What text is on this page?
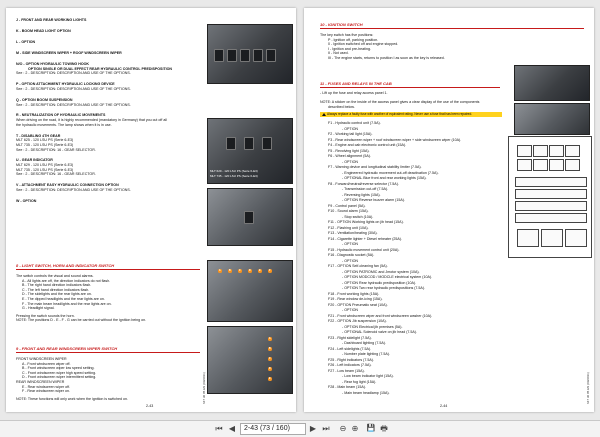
J - FRONT AND REAR WORKING LIGHTS
K - BOOM HEAD LIGHT OPTION
L - OPTION
M - SIDE WINDSCREEN WIPER + ROOF WINDSCREEN WIPER
N/O - OPTION HYDRAULIC TOWING HOOK
OPTION SINGLE OR DUAL EFFECT REAR HYDRAULIC CONTROL PREDISPOSITION
See : 2 - DESCRIPTION: DESCRIPTION AND USE OF THE OPTIONS.
P - OPTION ATTACHMENT HYDRAULIC LOCKING DEVICE
See : 2 - DESCRIPTION: DESCRIPTION AND USE OF THE OPTIONS.
Q - OPTION BOOM SUSPENSION
See : 2 - DESCRIPTION: DESCRIPTION AND USE OF THE OPTIONS.
R - NEUTRALIZATION OF HYDRAULIC MOVEMENTS
When driving on the road, it is highly recommended (mandatory in Germany) that you cut off all
the hydraulic movements. The lamp shows when it is in use.
T - DISABLING 4TH GEAR
MLT 625 - 120 LSU PS (Serie 6-E3)
MLT 735 - 120 LSU PS (Serie 6-E3)
See : 2 - DESCRIPTION: 16 - GEAR SELECTOR.
U - GEAR INDICATOR
MLT 629 - 120 LSU PS (Serie 6-E3)
MLT 735 - 120 LSU PS (Serie 6-E3)
See : 2 - DESCRIPTION: 16 - GEAR SELECTOR.
V - ATTACHMENT EASY HYDRAULIC CONNECTION OPTION
See : 2 - DESCRIPTION: DESCRIPTION AND USE OF THE OPTIONS.
W - OPTION
MLT 629 - 120 LSU PS (Serie 6-E3)
MLT 735 - 120 LSU PS (Serie 6-E3)
A	B	C	D	E	F
A
B
C
D
E
8 - LIGHT SWITCH, HORN AND INDICATOR SWITCH
The switch controls the visual and sound alarms.
A - All lights are off, the direction indicators do not flash.
B - The right hand direction indicators flash.
C - The left hand direction indicators flash.
D - The sidelights and the rear lights are on.
E - The dipped headlights and the rear lights are on.
F - The main beam headlights and the rear lights are on.
G - Headlight signal.
Pressing the switch sounds the horn.
NOTE: The positions D - E - F - G can be carried out without the ignition being on.
9 - FRONT AND REAR WINDSCREEN WIPER SWITCH
FRONT WINDSCREEN WIPER
A - Front windscreen wiper off.
B - Front windscreen wiper low speed setting.
C - Front windscreen wiper high speed setting.
D - Front windscreen wiper intermittent setting.
REAR WINDSCREEN WIPER
E - Rear windscreen wiper off.
F - Rear windscreen wiper on.
NOTE: These functions will only work when the ignition is switched on.	647 30 05 EN (09/2011)
2-43
10 - IGNITION SWITCH
The key switch has five positions:
P - Ignition off, parking position.
0 - Ignition switched off and engine stopped.
I - Ignition and pre-heating.
II - Not used.
III - The engine starts, returns to position I as soon as the key is released.
11 - FUSES AND RELAYS IN THE CAB
- Lift up the fuse and relay access panel 1.
NOTE: A sticker on the inside of the access panel gives a clear display of the use of the components
described below.
Always replace a faulty fuse with another of equivalent rating. Never use a fuse that has been repaired.
F1 - Hydraulic control unit (7.5A).
- OPTION
F2 - Working tail light (15A).
F3 - Rear windscreen wiper + roof windscreen wiper + side windscreen wiper (10A).
F4 - Engine and cab electronic control unit (15A).
F5 - Revolving light (15A).
F6 - Wheel alignment (5A).
- OPTION
F7 - Warning device and longitudinal stability limiter (7.5A).
- Engineered hydraulic movement cut-off deactivation (7.5A).
- OPTIONAL Blue front and rear working lights (15A).
F8 - Forward/neutral/reverse selector (7.5A).
- Transmission cut-off (7.5A).
- Reversing lights (15A).
- OPTION Reverse buzzer alarm (15A).
F9 - Control panel (5A).
F10 - Sound alarm (15A).
- Stop switch (10A).
F11 - OPTION Working lights on jib head (15A).
F12 - Flashing unit (10A).
F13 - Ventilation/heating (30A).
F14 - Cigarette lighter + Diesel reheater (25A).
- OPTION
F15 - Hydraulic movement control unit (20A).
F16 - Diagnostic socket (5A).
- OPTION
F17 - OPTION Self-cleaning fan (5A).
- OPTION PATROMIC and Jmotor system (10A).
- OPTION MODCOD / MODCLE electrical system (10A).
- OPTION Rear hydraulic predisposition (10A).
- OPTION Two rear hydraulic predispositions (7.5A).
F18 - Front working lights (15A).
F19 - Rear window de-icing (15A).
F20 - OPTION Pneumatic seat (10A).
- OPTION
F21 - Front windscreen wiper and front windscreen washer (10A).
F22 - OPTION Jib suspension (10A).
- OPTION Electrical jib premises (5A).
- OPTIONAL Solenoid valve on jib head (7.5A).
F23 - Right sidelight (7.5A).
- Dashboard lighting (7.5A).
F24 - Left sidelights (7.5A).
- Number plate lighting (7.5A).
F25 - Right indicators (7.5A).
F26 - Left indicators (7.5A).
F27 - Low beam (15A).
- Low beam indicator light (15A).
- Rear fog light (15A).
F28 - Main beam (15A).
- Main beam headlamp (15A).	647 30 05 EN (09/2011)
2-44
⏮ ◀
2-43 (73 / 160)	▶ ⏭ ⊖ ⊕ 💾 🖶
